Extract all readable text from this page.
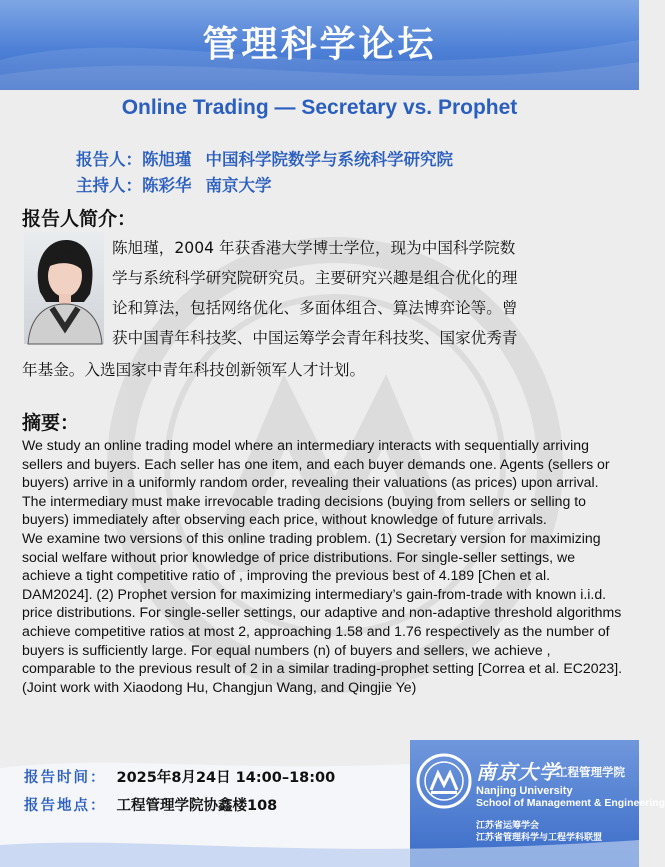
管理科学论坛
Online Trading — Secretary vs. Prophet
报告人：陈旭瑾 中国科学院数学与系统科学研究院
主持人：陈彩华 南京大学
报告人简介：
陈旭瑾，2004 年获香港大学博士学位，现为中国科学院数
学与系统科学研究院研究员。主要研究兴趣是组合优化的理
论和算法，包括网络优化、多面体组合、算法博弈论等。曾
获中国青年科技奖、中国运筹学会青年科技奖、国家优秀青
年基金。入选国家中青年科技创新领军人才计划。
摘要：

We study an online trading model where an intermediary interacts with sequentially arriving sellers and buyers. Each seller has one item, and each buyer demands one. Agents (sellers or buyers) arrive in a uniformly random order, revealing their valuations (as prices) upon arrival. The intermediary must make irrevocable trading decisions (buying from sellers or selling to buyers) immediately after observing each price, without knowledge of future arrivals.

We examine two versions of this online trading problem. (1) Secretary version for maximizing social welfare without prior knowledge of price distributions. For single-seller settings, we achieve a tight competitive ratio of , improving the previous best of 4.189 [Chen et al. DAM2024]. (2) Prophet version for maximizing intermediary’s gain-from-trade with known i.i.d. price distributions. For single-seller settings, our adaptive and non-adaptive threshold algorithms achieve competitive ratios at most 2, approaching 1.58 and 1.76 respectively as the number of buyers is sufficiently large. For equal numbers (n) of buyers and sellers, we achieve , comparable to the previous result of 2 in a similar trading-prophet setting [Correa et al. EC2023]. (Joint work with Xiaodong Hu, Changjun Wang, and Qingjie Ye)

报告时间： 2025年8月24日 14:00–18:00
报告地点： 工程管理学院协鑫楼108
南京大学
工程管理学院
Nanjing University
School of Management & Engineering
江苏省运筹学会
江苏省管理科学与工程学科联盟
